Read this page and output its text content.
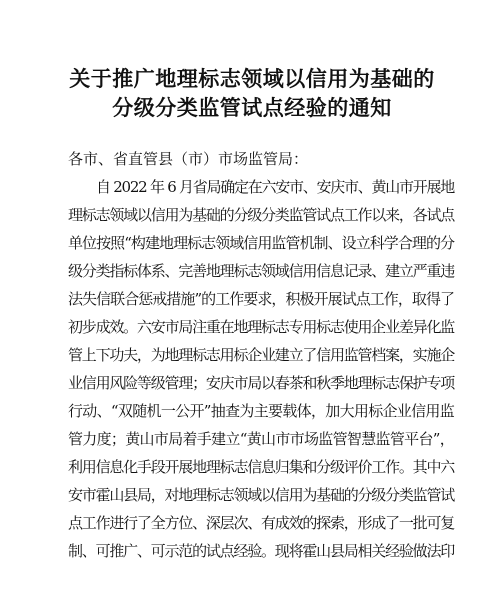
关于推广地理标志领域以信用为基础的
分级分类监管试点经验的通知
各市、省直管县（市）市场监管局：
自 2022 年 6 月省局确定在六安市、安庆市、黄山市开展地
理标志领域以信用为基础的分级分类监管试点工作以来，各试点
单位按照“构建地理标志领域信用监管机制、设立科学合理的分
级分类指标体系、完善地理标志领域信用信息记录、建立严重违
法失信联合惩戒措施”的工作要求，积极开展试点工作，取得了
初步成效。六安市局注重在地理标志专用标志使用企业差异化监
管上下功夫，为地理标志用标企业建立了信用监管档案，实施企
业信用风险等级管理；安庆市局以春茶和秋季地理标志保护专项
行动、“双随机一公开”抽查为主要载体，加大用标企业信用监
管力度；黄山市局着手建立“黄山市市场监管智慧监管平台”，
利用信息化手段开展地理标志信息归集和分级评价工作。其中六
安市霍山县局，对地理标志领域以信用为基础的分级分类监管试
点工作进行了全方位、深层次、有成效的探索，形成了一批可复
制、可推广、可示范的试点经验。现将霍山县局相关经验做法印
